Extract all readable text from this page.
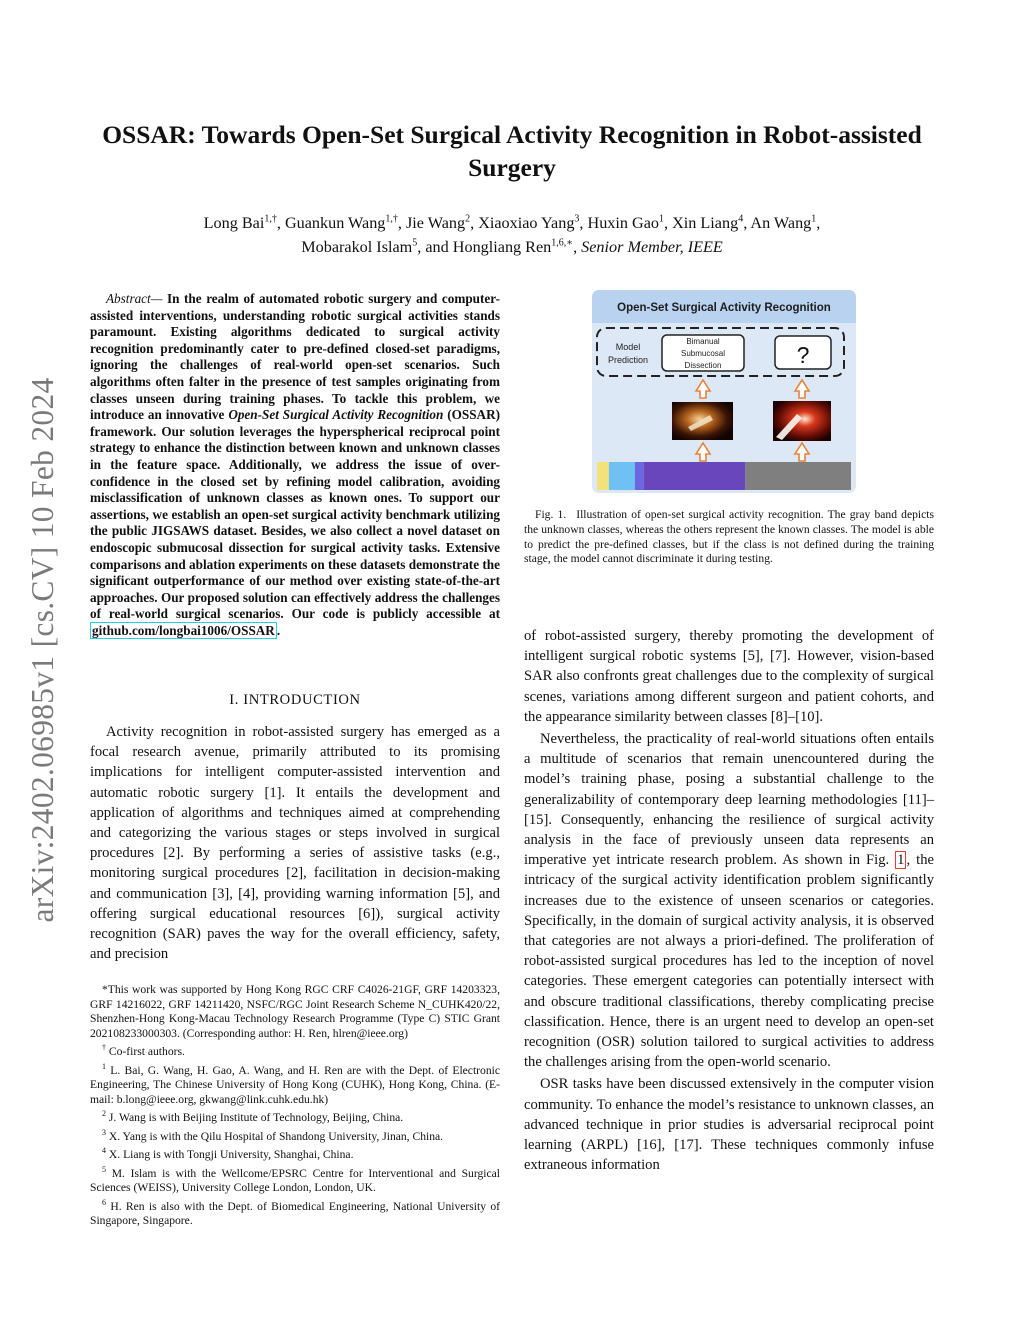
arXiv:2402.06985v1 [cs.CV] 10 Feb 2024
OSSAR: Towards Open-Set Surgical Activity Recognition in Robot-assisted Surgery
Long Bai$^{1,\dagger}$, Guankun Wang$^{1,\dagger}$, Jie Wang$^2$, Xiaoxiao Yang$^3$, Huxin Gao$^1$, Xin Liang$^4$, An Wang$^1$,
Mobarakol Islam$^5$, and Hongliang Ren$^{1,6,∗}$, Senior Member, IEEE
Abstract— In the realm of automated robotic surgery and computer-assisted interventions, understanding robotic surgical activities stands paramount. Existing algorithms dedicated to surgical activity recognition predominantly cater to pre-defined closed-set paradigms, ignoring the challenges of real-world open-set scenarios. Such algorithms often falter in the presence of test samples originating from classes unseen during training phases. To tackle this problem, we introduce an innovative Open-Set Surgical Activity Recognition (OSSAR) framework. Our solution leverages the hyperspherical reciprocal point strategy to enhance the distinction between known and unknown classes in the feature space. Additionally, we address the issue of over-confidence in the closed set by refining model calibration, avoiding misclassification of unknown classes as known ones. To support our assertions, we establish an open-set surgical activity benchmark utilizing the public JIGSAWS dataset. Besides, we also collect a novel dataset on endoscopic submucosal dissection for surgical activity tasks. Extensive comparisons and ablation experiments on these datasets demonstrate the significant outperformance of our method over existing state-of-the-art approaches. Our proposed solution can effectively address the challenges of real-world surgical scenarios. Our code is publicly accessible at github.com/longbai1006/OSSAR .
I. INTRODUCTION

Activity recognition in robot-assisted surgery has emerged as a focal research avenue, primarily attributed to its promising implications for intelligent computer-assisted intervention and automatic robotic surgery [1]. It entails the development and application of algorithms and techniques aimed at comprehending and categorizing the various stages or steps involved in surgical procedures [2]. By performing a series of assistive tasks (e.g., monitoring surgical procedures [2], facilitation in decision-making and communication [3], [4], providing warning information [5], and offering surgical educational resources [6]), surgical activity recognition (SAR) paves the way for the overall efficiency, safety, and precision

*This work was supported by Hong Kong RGC CRF C4026-21GF, GRF 14203323, GRF 14216022, GRF 14211420, NSFC/RGC Joint Research Scheme N_CUHK420/22, Shenzhen-Hong Kong-Macau Technology Research Programme (Type C) STIC Grant 202108233000303. (Corresponding author: H. Ren, hlren@ieee.org)
† Co-first authors.
$^1$ L. Bai, G. Wang, H. Gao, A. Wang, and H. Ren are with the Dept. of Electronic Engineering, The Chinese University of Hong Kong (CUHK), Hong Kong, China. (E-mail: b.long@ieee.org, gkwang@link.cuhk.edu.hk)
$^2$ J. Wang is with Beijing Institute of Technology, Beijing, China.
$^3$ X. Yang is with the Qilu Hospital of Shandong University, Jinan, China.
$^4$ X. Liang is with Tongji University, Shanghai, China.
$^5$ M. Islam is with the Wellcome/EPSRC Centre for Interventional and Surgical Sciences (WEISS), University College London, London, UK.
$^6$ H. Ren is also with the Dept. of Biomedical Engineering, National University of Singapore, Singapore.
Open-Set Surgical Activity Recognition
Model
Prediction
Bimanual
Submucosal
Dissection	?
Fig. 1. Illustration of open-set surgical activity recognition. The gray band depicts the unknown classes, whereas the others represent the known classes. The model is able to predict the pre-defined classes, but if the class is not defined during the training stage, the model cannot discriminate it during testing.

of robot-assisted surgery, thereby promoting the development of intelligent surgical robotic systems [5], [7]. However, vision-based SAR also confronts great challenges due to the complexity of surgical scenes, variations among different surgeon and patient cohorts, and the appearance similarity between classes [8]–[10].

Nevertheless, the practicality of real-world situations often entails a multitude of scenarios that remain unencountered during the model’s training phase, posing a substantial challenge to the generalizability of contemporary deep learning methodologies [11]–[15]. Consequently, enhancing the resilience of surgical activity analysis in the face of previously unseen data represents an imperative yet intricate research problem. As shown in Fig. 1 , the intricacy of the surgical activity identification problem significantly increases due to the existence of unseen scenarios or categories. Specifically, in the domain of surgical activity analysis, it is observed that categories are not always a priori-defined. The proliferation of robot-assisted surgical procedures has led to the inception of novel categories. These emergent categories can potentially intersect with and obscure traditional classifications, thereby complicating precise classification. Hence, there is an urgent need to develop an open-set recognition (OSR) solution tailored to surgical activities to address the challenges arising from the open-world scenario.

OSR tasks have been discussed extensively in the computer vision community. To enhance the model’s resistance to unknown classes, an advanced technique in prior studies is adversarial reciprocal point learning (ARPL) [16], [17]. These techniques commonly infuse extraneous information
